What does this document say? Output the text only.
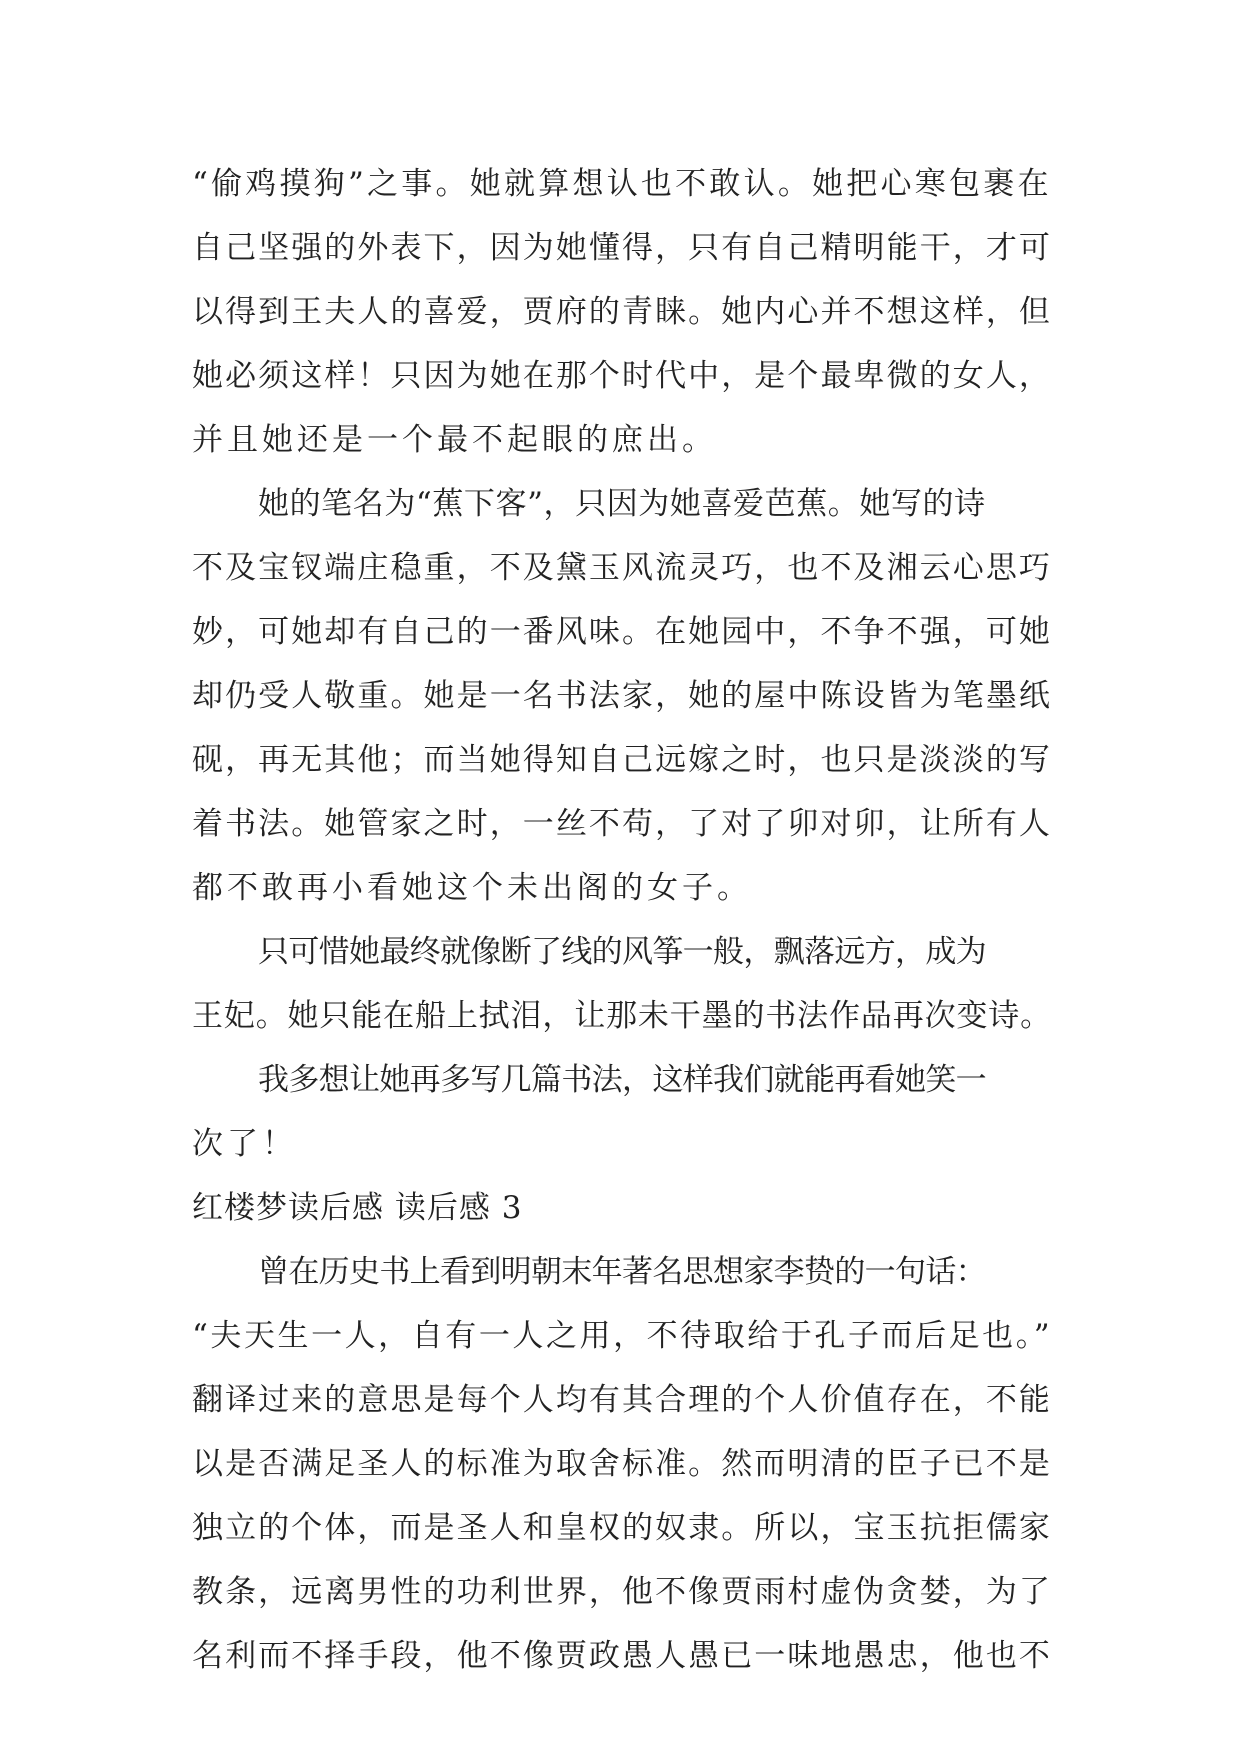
“偷鸡摸狗”之事。她就算想认也不敢认。她把心寒包裹在
自己坚强的外表下，因为她懂得，只有自己精明能干，才可
以得到王夫人的喜爱，贾府的青睐。她内心并不想这样，但
她必须这样！只因为她在那个时代中，是个最卑微的女人，
并且她还是一个最不起眼的庶出。
她的笔名为“蕉下客”，只因为她喜爱芭蕉。她写的诗
不及宝钗端庄稳重，不及黛玉风流灵巧，也不及湘云心思巧
妙，可她却有自己的一番风味。在她园中，不争不强，可她
却仍受人敬重。她是一名书法家，她的屋中陈设皆为笔墨纸
砚，再无其他；而当她得知自己远嫁之时，也只是淡淡的写
着书法。她管家之时，一丝不苟，了对了卯对卯，让所有人
都不敢再小看她这个未出阁的女子。
只可惜她最终就像断了线的风筝一般，飘落远方，成为
王妃。她只能在船上拭泪，让那未干墨的书法作品再次变诗。
我多想让她再多写几篇书法，这样我们就能再看她笑一
次了！
红楼梦读后感 读后感 3
曾在历史书上看到明朝末年著名思想家李贽的一句话：
“夫天生一人，自有一人之用，不待取给于孔子而后足也。”
翻译过来的意思是每个人均有其合理的个人价值存在，不能
以是否满足圣人的标准为取舍标准。然而明清的臣子已不是
独立的个体，而是圣人和皇权的奴隶。所以，宝玉抗拒儒家
教条，远离男性的功利世界，他不像贾雨村虚伪贪婪，为了
名利而不择手段，他不像贾政愚人愚已一味地愚忠，他也不
